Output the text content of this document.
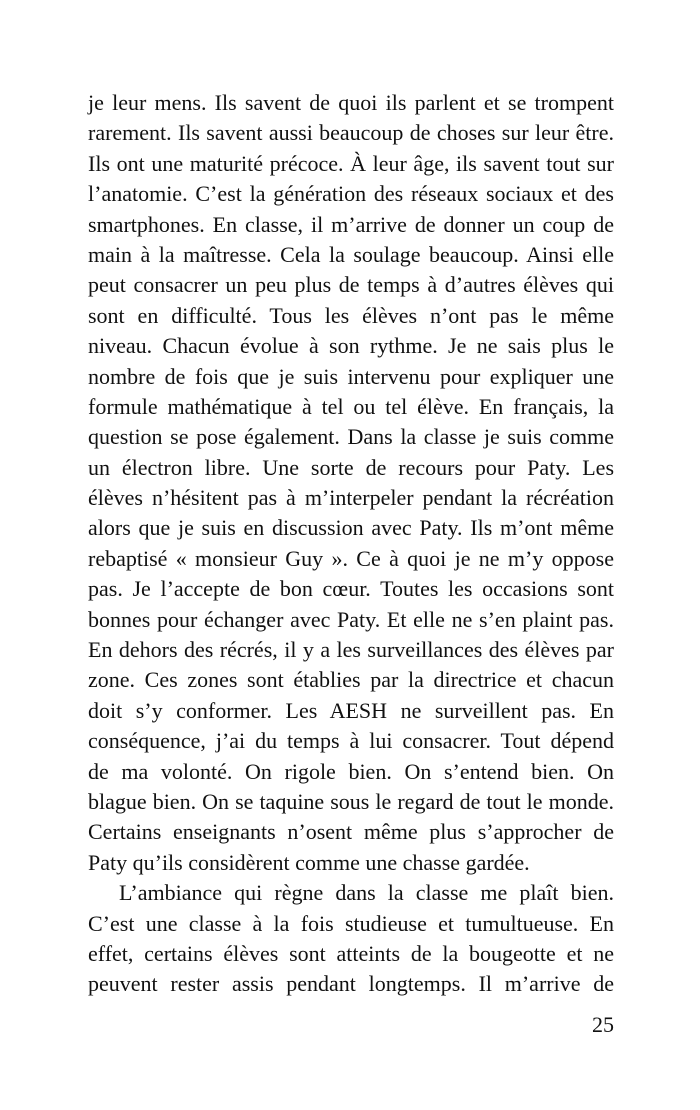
je leur mens. Ils savent de quoi ils parlent et se trompent
rarement. Ils savent aussi beaucoup de choses sur leur être.
Ils ont une maturité précoce. À leur âge, ils savent tout sur
l’anatomie. C’est la génération des réseaux sociaux et des
smartphones. En classe, il m’arrive de donner un coup de
main à la maîtresse. Cela la soulage beaucoup. Ainsi elle
peut consacrer un peu plus de temps à d’autres élèves qui
sont en difficulté. Tous les élèves n’ont pas le même
niveau. Chacun évolue à son rythme. Je ne sais plus le
nombre de fois que je suis intervenu pour expliquer une
formule mathématique à tel ou tel élève. En français, la
question se pose également. Dans la classe je suis comme
un électron libre. Une sorte de recours pour Paty. Les
élèves n’hésitent pas à m’interpeler pendant la récréation
alors que je suis en discussion avec Paty. Ils m’ont même
rebaptisé « monsieur Guy ». Ce à quoi je ne m’y oppose
pas. Je l’accepte de bon cœur. Toutes les occasions sont
bonnes pour échanger avec Paty. Et elle ne s’en plaint pas.
En dehors des récrés, il y a les surveillances des élèves par
zone. Ces zones sont établies par la directrice et chacun
doit s’y conformer. Les AESH ne surveillent pas. En
conséquence, j’ai du temps à lui consacrer. Tout dépend
de ma volonté. On rigole bien. On s’entend bien. On
blague bien. On se taquine sous le regard de tout le monde.
Certains enseignants n’osent même plus s’approcher de
Paty qu’ils considèrent comme une chasse gardée.
L’ambiance qui règne dans la classe me plaît bien.
C’est une classe à la fois studieuse et tumultueuse. En
effet, certains élèves sont atteints de la bougeotte et ne
peuvent rester assis pendant longtemps. Il m’arrive de
25
